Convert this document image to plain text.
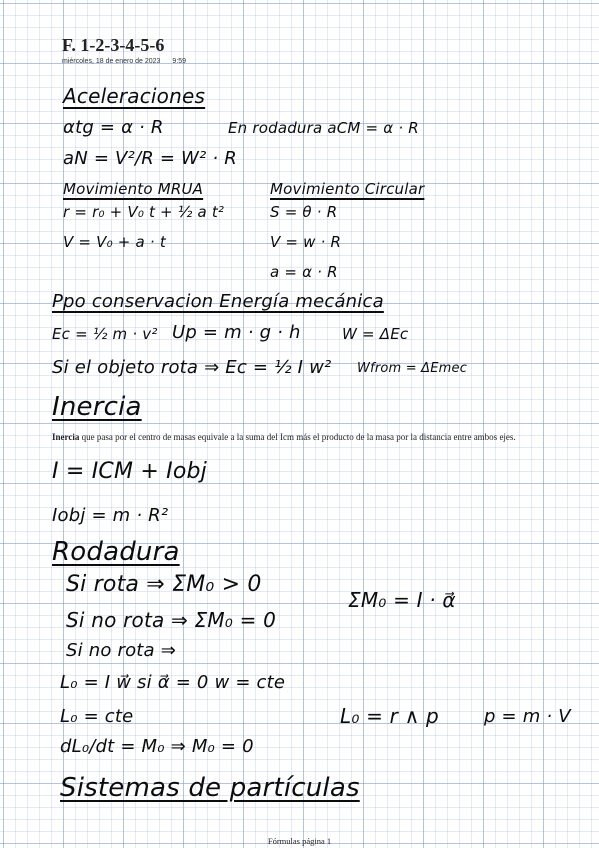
F. 1-2-3-4-5-6
miércoles, 18 de enero de 2023 9:59
Aceleraciones
αtg = α · R	En rodadura aCM = α · R
aN = V²/R = W² · R
Movimiento MRUA
r = r₀ + V₀ t + ½ a t²
V = V₀ + a · t
Movimiento Circular
S = θ · R
V = w · R
a = α · R
Ppo conservacion Energía mecánica
Ec = ½ m · v² Up = m · g · h	W = ΔEc
Si el objeto rota ⇒ Ec = ½ I w² Wfrom = ΔEmec
Inercia
Inercia que pasa por el centro de masas equivale a la suma del Icm más el producto de la masa por la distancia entre ambos ejes.
I = ICM + Iobj
Iobj = m · R²
Rodadura
Si rota ⇒ ΣM₀ > 0
Si no rota ⇒ ΣM₀ = 0
ΣM₀ = I · α⃗
Si no rota ⇒
L₀ = I w⃗ si α⃗ = 0 w = cte
L₀ = cte	L₀ = r ∧ p	p = m · V
dL₀/dt = M₀ ⇒ M₀ = 0
Sistemas de partículas
Fórmulas página 1
